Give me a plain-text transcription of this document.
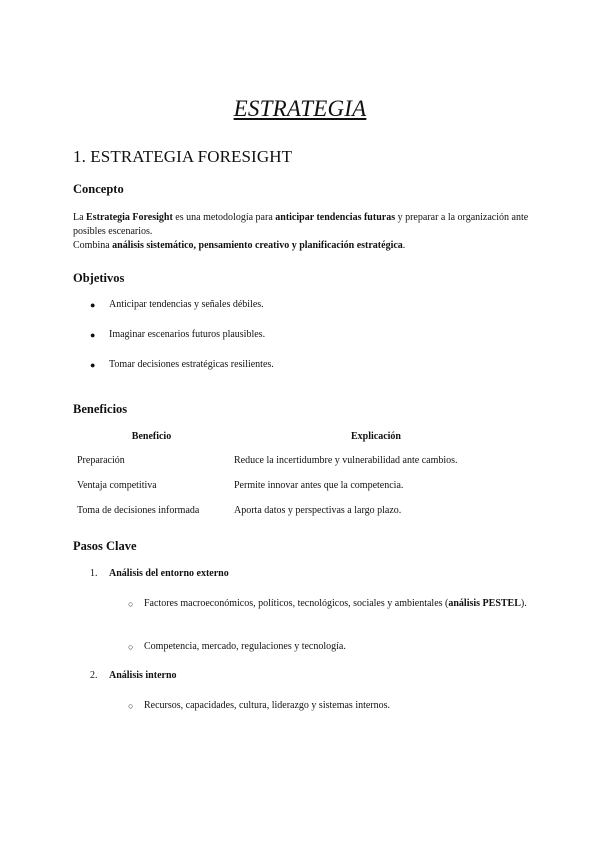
ESTRATEGIA
1. ESTRATEGIA FORESIGHT
Concepto
La Estrategia Foresight es una metodología para anticipar tendencias futuras y preparar a la organización ante posibles escenarios.
Combina análisis sistemático, pensamiento creativo y planificación estratégica.
Objetivos
● Anticipar tendencias y señales débiles.
● Imaginar escenarios futuros plausibles.
● Tomar decisiones estratégicas resilientes.
Beneficios
Beneficio	Explicación
Preparación	Reduce la incertidumbre y vulnerabilidad ante cambios.
Ventaja competitiva	Permite innovar antes que la competencia.
Toma de decisiones informada	Aporta datos y perspectivas a largo plazo.
Pasos Clave
1. Análisis del entorno externo
○	Factores macroeconómicos, políticos, tecnológicos, sociales y ambientales (análisis PESTEL).
○	Competencia, mercado, regulaciones y tecnología.
2. Análisis interno
○	Recursos, capacidades, cultura, liderazgo y sistemas internos.
